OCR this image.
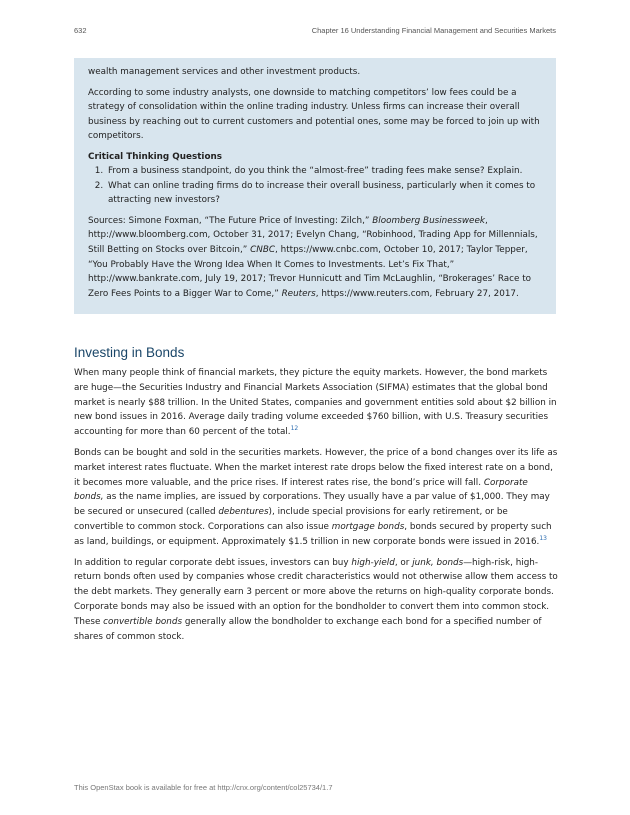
632	Chapter 16 Understanding Financial Management and Securities Markets

wealth management services and other investment products.

According to some industry analysts, one downside to matching competitors’ low fees could be a strategy of consolidation within the online trading industry. Unless firms can increase their overall business by reaching out to current customers and potential ones, some may be forced to join up with competitors.

Critical Thinking Questions

1. From a business standpoint, do you think the “almost-free” trading fees make sense? Explain.
2. What can online trading firms do to increase their overall business, particularly when it comes to attracting new investors?

Sources: Simone Foxman, “The Future Price of Investing: Zilch,” Bloomberg Businessweek, http://www.bloomberg.com, October 31, 2017; Evelyn Chang, “Robinhood, Trading App for Millennials, Still Betting on Stocks over Bitcoin,” CNBC, https://www.cnbc.com, October 10, 2017; Taylor Tepper, “You Probably Have the Wrong Idea When It Comes to Investments. Let’s Fix That,” http://www.bankrate.com, July 19, 2017; Trevor Hunnicutt and Tim McLaughlin, “Brokerages’ Race to Zero Fees Points to a Bigger War to Come,” Reuters, https://www.reuters.com, February 27, 2017.

Investing in Bonds

When many people think of financial markets, they picture the equity markets. However, the bond markets are huge—the Securities Industry and Financial Markets Association (SIFMA) estimates that the global bond market is nearly $88 trillion. In the United States, companies and government entities sold about $2 billion in new bond issues in 2016. Average daily trading volume exceeded $760 billion, with U.S. Treasury securities accounting for more than 60 percent of the total.$^{12}$

Bonds can be bought and sold in the securities markets. However, the price of a bond changes over its life as market interest rates fluctuate. When the market interest rate drops below the fixed interest rate on a bond, it becomes more valuable, and the price rises. If interest rates rise, the bond’s price will fall. Corporate bonds, as the name implies, are issued by corporations. They usually have a par value of $1,000. They may be secured or unsecured (called debentures), include special provisions for early retirement, or be convertible to common stock. Corporations can also issue mortgage bonds, bonds secured by property such as land, buildings, or equipment. Approximately $1.5 trillion in new corporate bonds were issued in 2016.13

In addition to regular corporate debt issues, investors can buy high-yield, or junk, bonds—high-risk, high-return bonds often used by companies whose credit characteristics would not otherwise allow them access to the debt markets. They generally earn 3 percent or more above the returns on high-quality corporate bonds. Corporate bonds may also be issued with an option for the bondholder to convert them into common stock. These convertible bonds generally allow the bondholder to exchange each bond for a specified number of shares of common stock.

This OpenStax book is available for free at http://cnx.org/content/col25734/1.7
